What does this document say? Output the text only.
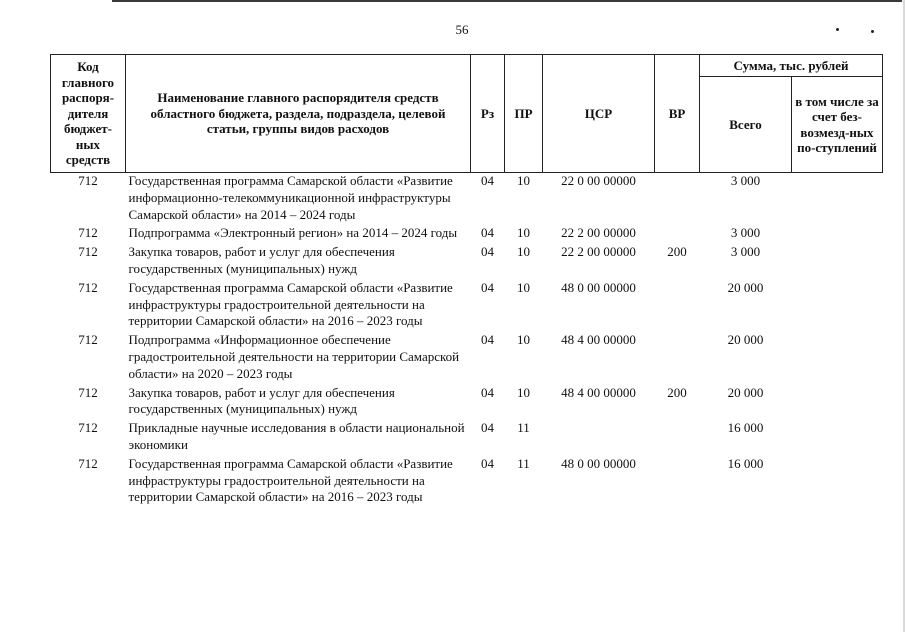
56
Код главного распоря-дителя бюджет-ных средств	Наименование главного распорядителя средств областного бюджета, раздела, подраздела, целевой статьи, группы видов расходов	Рз	ПР	ЦСР	ВР	Сумма, тыс. рублей	
						Всего	в том числе за счет без-возмезд-ных по-ступлений
712	Государственная программа Самарской области «Развитие информационно-телекоммуникационной инфраструктуры Самарской области» на 2014 – 2024 годы	04	10	22 0 00 00000		3 000	
712	Подпрограмма «Электронный регион» на 2014 – 2024 годы	04	10	22 2 00 00000		3 000	
712	Закупка товаров, работ и услуг для обеспечения государственных (муниципальных) нужд	04	10	22 2 00 00000	200	3 000	
712	Государственная программа Самарской области «Развитие инфраструктуры градостроительной деятельности на территории Самарской области» на 2016 – 2023 годы	04	10	48 0 00 00000		20 000	
712	Подпрограмма «Информационное обеспечение градостроительной деятельности на территории Самарской области» на 2020 – 2023 годы	04	10	48 4 00 00000		20 000	
712	Закупка товаров, работ и услуг для обеспечения государственных (муниципальных) нужд	04	10	48 4 00 00000	200	20 000	
712	Прикладные научные исследования в области национальной экономики	04	11			16 000	
712	Государственная программа Самарской области «Развитие инфраструктуры градостроительной деятельности на территории Самарской области» на 2016 – 2023 годы	04	11	48 0 00 00000		16 000	
